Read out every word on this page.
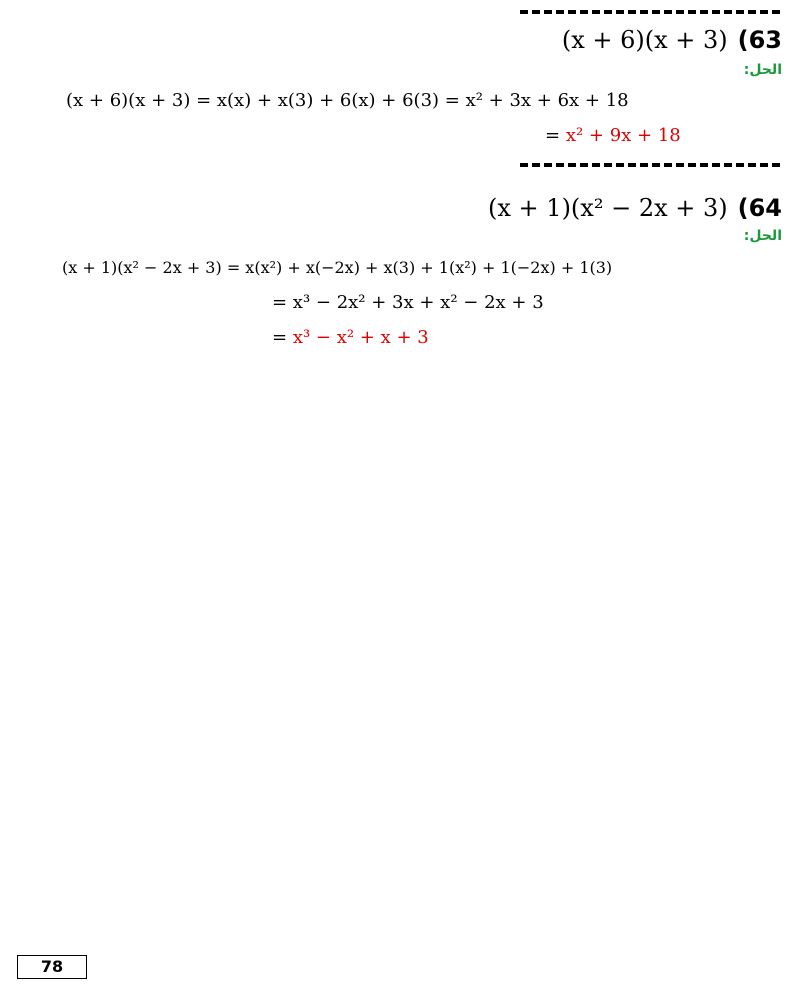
(x + 6)(x + 3) (63
الحل:
(x + 6)(x + 3) = x(x) + x(3) + 6(x) + 6(3) = x² + 3x + 6x + 18
= x² + 9x + 18
(x + 1)(x² − 2x + 3) (64
الحل:
(x + 1)(x² − 2x + 3) = x(x²) + x(−2x) + x(3) + 1(x²) + 1(−2x) + 1(3)
= x³ − 2x² + 3x + x² − 2x + 3
= x³ − x² + x + 3
78
